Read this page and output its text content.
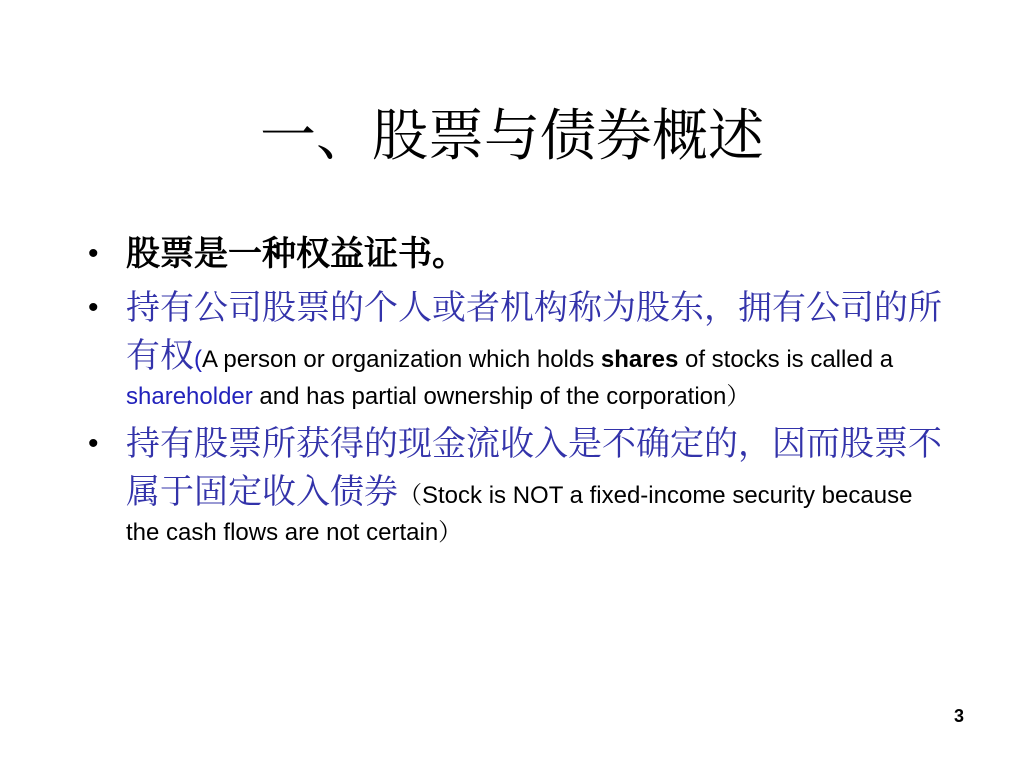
一、股票与债券概述
• 股票是一种权益证书。
• 持有公司股票的个人或者机构称为股东，拥有公司的所有权(A person or organization which holds shares of stocks is called a shareholder and has partial ownership of the corporation）
• 持有股票所获得的现金流收入是不确定的，因而股票不属于固定收入债券（Stock is NOT a fixed-income security because the cash flows are not certain）
3
